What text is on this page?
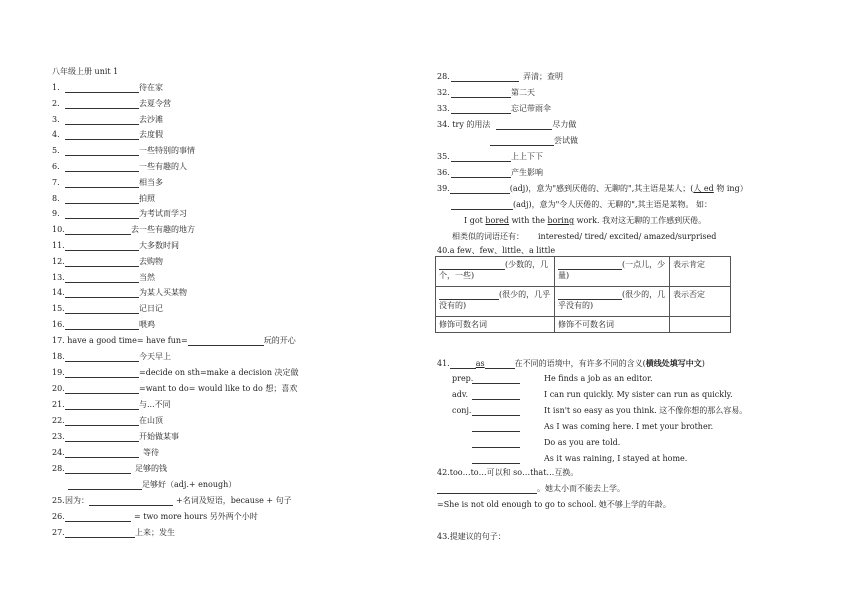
八年级上册 unit 1
1.	待在家
2.	去夏令营
3.	去沙滩
4.	去度假
5.	一些特别的事情
6.	一些有趣的人
7.	相当多
8.	拍照
9.	为考试而学习
10.	去一些有趣的地方
11.	大多数时间
12.	去购物
13.	当然
14.	为某人买某物
15.	记日记
16.	喂鸡
17. have a good time= have fun=	玩的开心
18.	今天早上
19.	=decide on sth=make a decision 决定做
20.	=want to do= would like to do 想；喜欢
21.	与...不同
22.	在山顶
23.	开始做某事
24.	等待
28.	足够的钱
足够好（adj.+ enough）
25.因为：	+名词及短语，because + 句子
26.	= two more hours 另外两个小时
27.	上来；发生
28.	弄清；查明
32.	第二天
33.	忘记带雨伞
34. try 的用法	尽力做
尝试做
35.	上上下下
36.	产生影响
39.	(adj)，意为"感到厌倦的、无聊的",其主语是某人；(人 ed 物 ing）
(adj)，意为"令人厌倦的、无聊的",其主语是某物。 如：
I got bored with the boring work. 我对这无聊的工作感到厌倦。
相类似的词语还有： interested/ tired/ excited/ amazed/surprised
40.a few、few、little、a little
(少数的，几个，一些)	(一点儿，少量)	表示肯定
(很少的，几乎没有的)	(很少的，几乎没有的)	表示否定
修饰可数名词	修饰不可数名词	
41.	as	在不同的语境中，有许多不同的含义(横线处填写中文)
prep.	He finds a job as an editor.
adv.	I can run quickly. My sister can run as quickly.
conj.	It isn't so easy as you think. 这不像你想的那么容易。
As I was coming here. I met your brother.
Do as you are told.
As it was raining, I stayed at home.
42.too…to…可以和 so…that…互换。
。她太小而不能去上学。
=She is not old enough to go to school. 她不够上学的年龄。
43.提建议的句子：
